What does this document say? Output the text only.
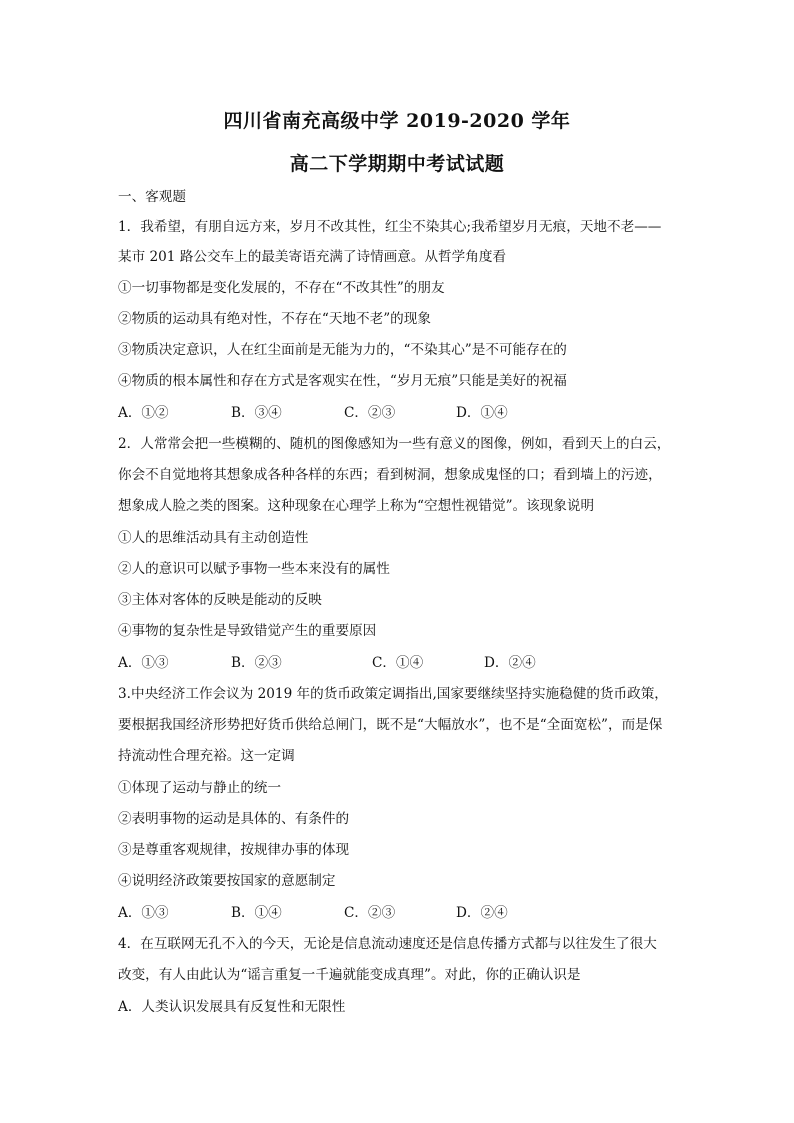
四川省南充高级中学 2019-2020 学年
高二下学期期中考试试题
一、客观题
1．我希望，有朋自远方来，岁月不改其性，红尘不染其心;我希望岁月无痕，天地不老——
某市 201 路公交车上的最美寄语充满了诗情画意。从哲学角度看
①一切事物都是变化发展的，不存在“不改其性”的朋友
②物质的运动具有绝对性，不存在“天地不老”的现象
③物质决定意识，人在红尘面前是无能为力的，“不染其心”是不可能存在的
④物质的根本属性和存在方式是客观实在性，“岁月无痕”只能是美好的祝福
A．①②	B．③④	C．②③	D．①④
2．人常常会把一些模糊的、随机的图像感知为一些有意义的图像，例如，看到天上的白云，
你会不自觉地将其想象成各种各样的东西；看到树洞，想象成鬼怪的口；看到墙上的污迹，
想象成人脸之类的图案。这种现象在心理学上称为“空想性视错觉”。该现象说明
①人的思维活动具有主动创造性
②人的意识可以赋予事物一些本来没有的属性
③主体对客体的反映是能动的反映
④事物的复杂性是导致错觉产生的重要原因
A．①③	B．②③	C．①④	D．②④
3.中央经济工作会议为 2019 年的货币政策定调指出,国家要继续坚持实施稳健的货币政策，
要根据我国经济形势把好货币供给总闸门，既不是“大幅放水”，也不是“全面宽松”，而是保
持流动性合理充裕。这一定调
①体现了运动与静止的统一
②表明事物的运动是具体的、有条件的
③是尊重客观规律，按规律办事的体现
④说明经济政策要按国家的意愿制定
A．①③	B．①④	C．②③	D．②④
4．在互联网无孔不入的今天，无论是信息流动速度还是信息传播方式都与以往发生了很大
改变，有人由此认为“谣言重复一千遍就能变成真理”。对此，你的正确认识是
A．人类认识发展具有反复性和无限性
